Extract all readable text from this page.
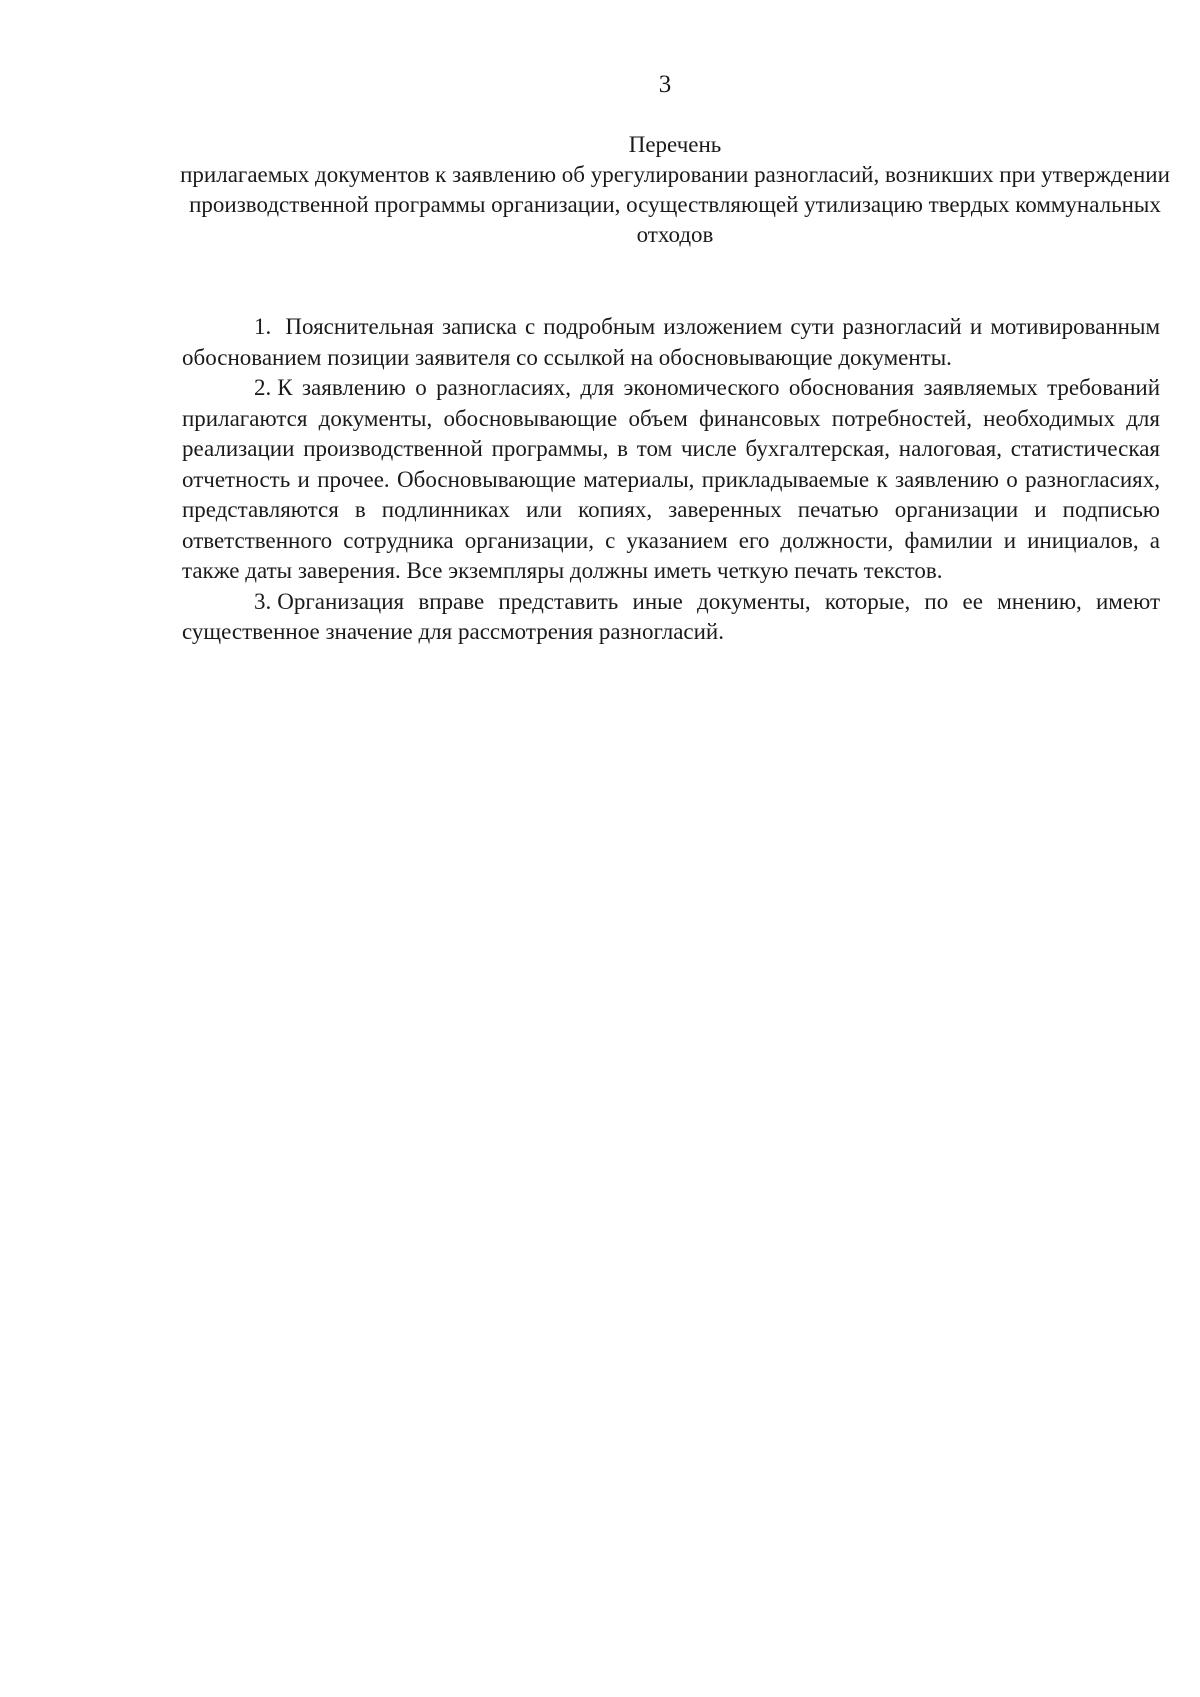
3
Перечень
прилагаемых документов к заявлению об урегулировании разногласий, возникших при утверждении производственной программы организации, осуществляющей утилизацию твердых коммунальных отходов

1. Пояснительная записка с подробным изложением сути разногласий и мотивированным обоснованием позиции заявителя со ссылкой на обосновывающие документы.

2. К заявлению о разногласиях, для экономического обоснования заявляемых требований прилагаются документы, обосновывающие объем финансовых потребностей, необходимых для реализации производственной программы, в том числе бухгалтерская, налоговая, статистическая отчетность и прочее. Обосновывающие материалы, прикладываемые к заявлению о разногласиях, представляются в подлинниках или копиях, заверенных печатью организации и подписью ответственного сотрудника организации, с указанием его должности, фамилии и инициалов, а также даты заверения. Все экземпляры должны иметь четкую печать текстов.

3. Организация вправе представить иные документы, которые, по ее мнению, имеют существенное значение для рассмотрения разногласий.
